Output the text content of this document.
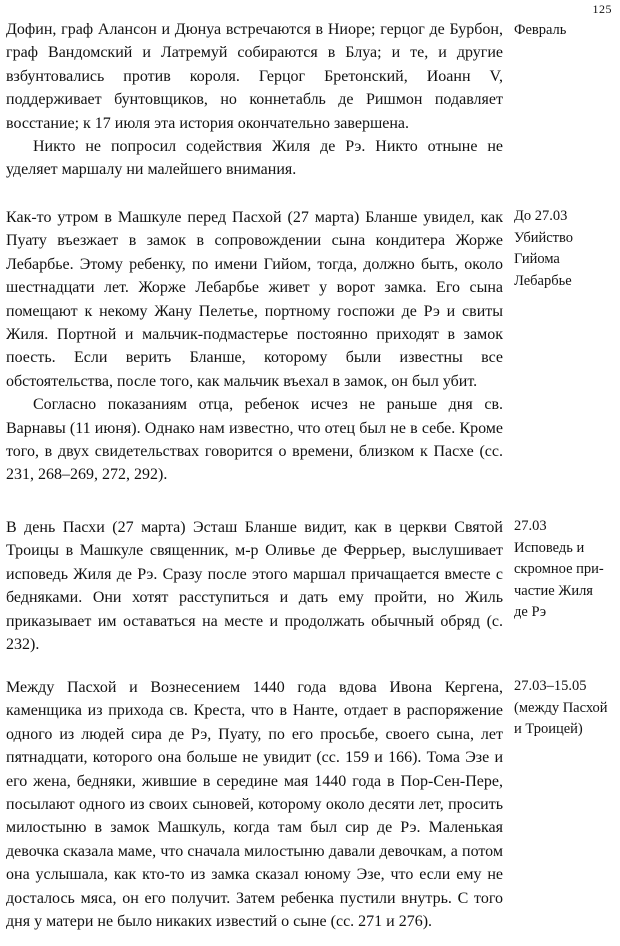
125

Дофин, граф Алансон и Дюнуа встречаются в Ниоре; герцог де Бурбон, граф Вандомский и Латремуй собираются в Блуа; и те, и другие взбунтовались против короля. Герцог Бретонский, Иоанн V, поддерживает бунтовщиков, но коннетабль де Ришмон подавляет восстание; к 17 июля эта история окончательно завершена.

Никто не попросил содействия Жиля де Рэ. Никто отныне не уделяет маршалу ни малейшего внимания.

Февраль

Как-то утром в Машкуле перед Пасхой (27 марта) Бланше увидел, как Пуату въезжает в замок в сопровождении сына кондитера Жорже Лебарбье. Этому ребенку, по имени Гийом, тогда, должно быть, около шестнадцати лет. Жорже Лебарбье живет у ворот замка. Его сына помещают к некому Жану Пелетье, портному госпожи де Рэ и свиты Жиля. Портной и мальчик-подмастерье постоянно приходят в замок поесть. Если верить Бланше, которому были известны все обстоятельства, после того, как мальчик въехал в замок, он был убит.

Согласно показаниям отца, ребенок исчез не раньше дня св. Варнавы (11 июня). Однако нам известно, что отец был не в себе. Кроме того, в двух свидетельствах говорится о времени, близком к Пасхе (сс. 231, 268–269, 272, 292).

До 27.03
Убийство
Гийома
Лебарбье

В день Пасхи (27 марта) Эсташ Бланше видит, как в церкви Святой Троицы в Машкуле священник, м-р Оливье де Феррьер, выслушивает исповедь Жиля де Рэ. Сразу после этого маршал причащается вместе с бедняками. Они хотят расступиться и дать ему пройти, но Жиль приказывает им оставаться на месте и продолжать обычный обряд (с. 232).

27.03
Исповедь и
скромное при-
частие Жиля
де Рэ

Между Пасхой и Вознесением 1440 года вдова Ивона Кергена, каменщика из прихода св. Креста, что в Нанте, отдает в распоряжение одного из людей сира де Рэ, Пуату, по его просьбе, своего сына, лет пятнадцати, которого она больше не увидит (сс. 159 и 166). Тома Эзе и его жена, бедняки, жившие в середине мая 1440 года в Пор-Сен-Пере, посылают одного из своих сыновей, которому около десяти лет, просить милостыню в замок Машкуль, когда там был сир де Рэ. Маленькая девочка сказала маме, что сначала милостыню давали девочкам, а потом она услышала, как кто-то из замка сказал юному Эзе, что если ему не досталось мяса, он его получит. Затем ребенка пустили внутрь. С того дня у матери не было никаких известий о сыне (сс. 271 и 276).

27.03–15.05
(между Пасхой
и Троицей)
